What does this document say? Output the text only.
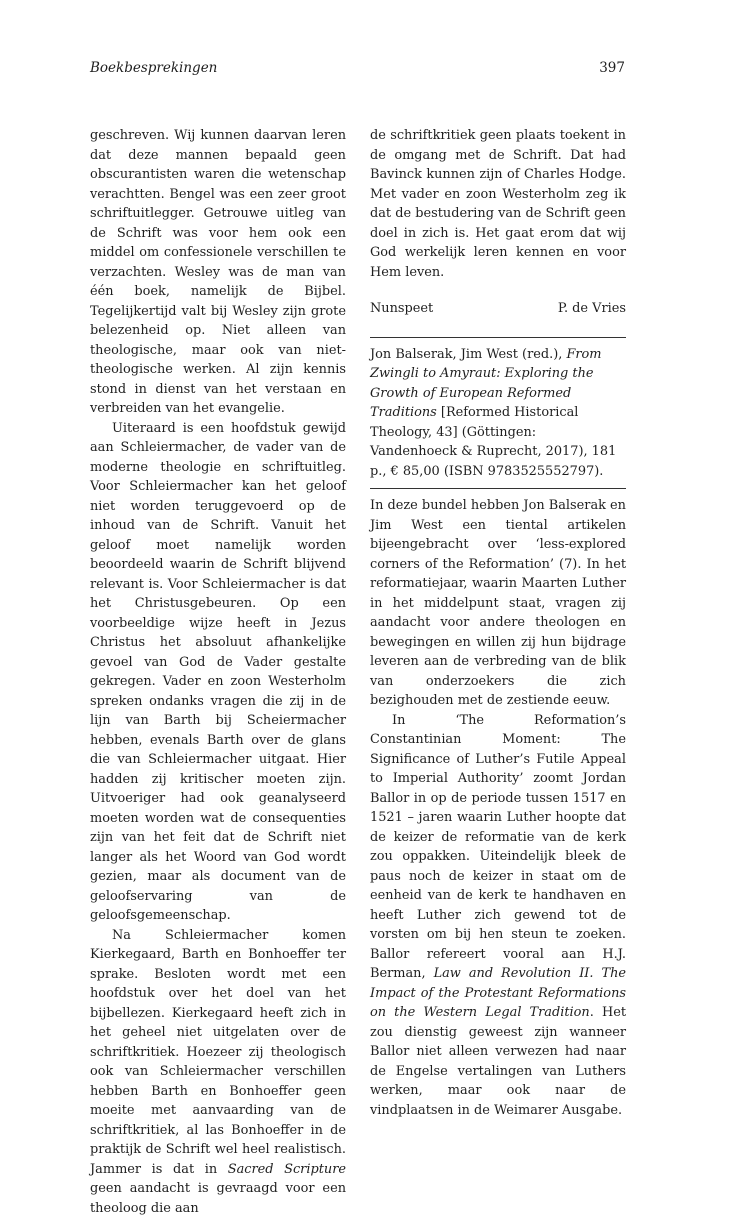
Boekbesprekingen	397

geschreven. Wij kunnen daarvan leren dat deze mannen bepaald geen obscurantisten waren die wetenschap verachtten. Bengel was een zeer groot schriftuitlegger. Getrouwe uitleg van de Schrift was voor hem ook een middel om confessionele verschillen te verzachten. Wesley was de man van één boek, namelijk de Bijbel. Tegelijkertijd valt bij Wesley zijn grote belezenheid op. Niet alleen van theologische, maar ook van niet-theologische werken. Al zijn kennis stond in dienst van het verstaan en verbreiden van het evangelie.

Uiteraard is een hoofdstuk gewijd aan Schleiermacher, de vader van de moderne theologie en schriftuitleg. Voor Schleiermacher kan het geloof niet worden teruggevoerd op de inhoud van de Schrift. Vanuit het geloof moet namelijk worden beoordeeld waarin de Schrift blijvend relevant is. Voor Schleiermacher is dat het Christusgebeuren. Op een voorbeeldige wijze heeft in Jezus Christus het absoluut afhankelijke gevoel van God de Vader gestalte gekregen. Vader en zoon Westerholm spreken ondanks vragen die zij in de lijn van Barth bij Scheiermacher hebben, evenals Barth over de glans die van Schleiermacher uitgaat. Hier hadden zij kritischer moeten zijn. Uitvoeriger had ook geanalyseerd moeten worden wat de consequenties zijn van het feit dat de Schrift niet langer als het Woord van God wordt gezien, maar als document van de geloofservaring van de geloofsgemeenschap.

Na Schleiermacher komen Kierkegaard, Barth en Bonhoeffer ter sprake. Besloten wordt met een hoofdstuk over het doel van het bijbellezen. Kierkegaard heeft zich in het geheel niet uitgelaten over de schriftkritiek. Hoezeer zij theologisch ook van Schleiermacher verschillen hebben Barth en Bonhoeffer geen moeite met aanvaarding van de schriftkritiek, al las Bonhoeffer in de praktijk de Schrift wel heel realistisch. Jammer is dat in Sacred Scripture geen aandacht is gevraagd voor een theoloog die aan

de schriftkritiek geen plaats toekent in de omgang met de Schrift. Dat had Bavinck kunnen zijn of Charles Hodge. Met vader en zoon Westerholm zeg ik dat de bestudering van de Schrift geen doel in zich is. Het gaat erom dat wij God werkelijk leren kennen en voor Hem leven.

Nunspeet	P. de Vries

Jon Balserak, Jim West (red.), From Zwingli to Amyraut: Exploring the Growth of European Reformed Traditions [Reformed Historical Theology, 43] (Göttingen: Vandenhoeck & Ruprecht, 2017), 181 p., € 85,00 (ISBN 9783525552797).

In deze bundel hebben Jon Balserak en Jim West een tiental artikelen bijeengebracht over ‘less-explored corners of the Reformation’ (7). In het reformatiejaar, waarin Maarten Luther in het middelpunt staat, vragen zij aandacht voor andere theologen en bewegingen en willen zij hun bijdrage leveren aan de verbreding van de blik van onderzoekers die zich bezighouden met de zestiende eeuw.

In ‘The Reformation’s Constantinian Moment: The Significance of Luther’s Futile Appeal to Imperial Authority’ zoomt Jordan Ballor in op de periode tussen 1517 en 1521 – jaren waarin Luther hoopte dat de keizer de reformatie van de kerk zou oppakken. Uiteindelijk bleek de paus noch de keizer in staat om de eenheid van de kerk te handhaven en heeft Luther zich gewend tot de vorsten om bij hen steun te zoeken. Ballor refereert vooral aan H.J. Berman, Law and Revolution II. The Impact of the Protestant Reformations on the Western Legal Tradition. Het zou dienstig geweest zijn wanneer Ballor niet alleen verwezen had naar de Engelse vertalingen van Luthers werken, maar ook naar de vindplaatsen in de Weimarer Ausgabe.
